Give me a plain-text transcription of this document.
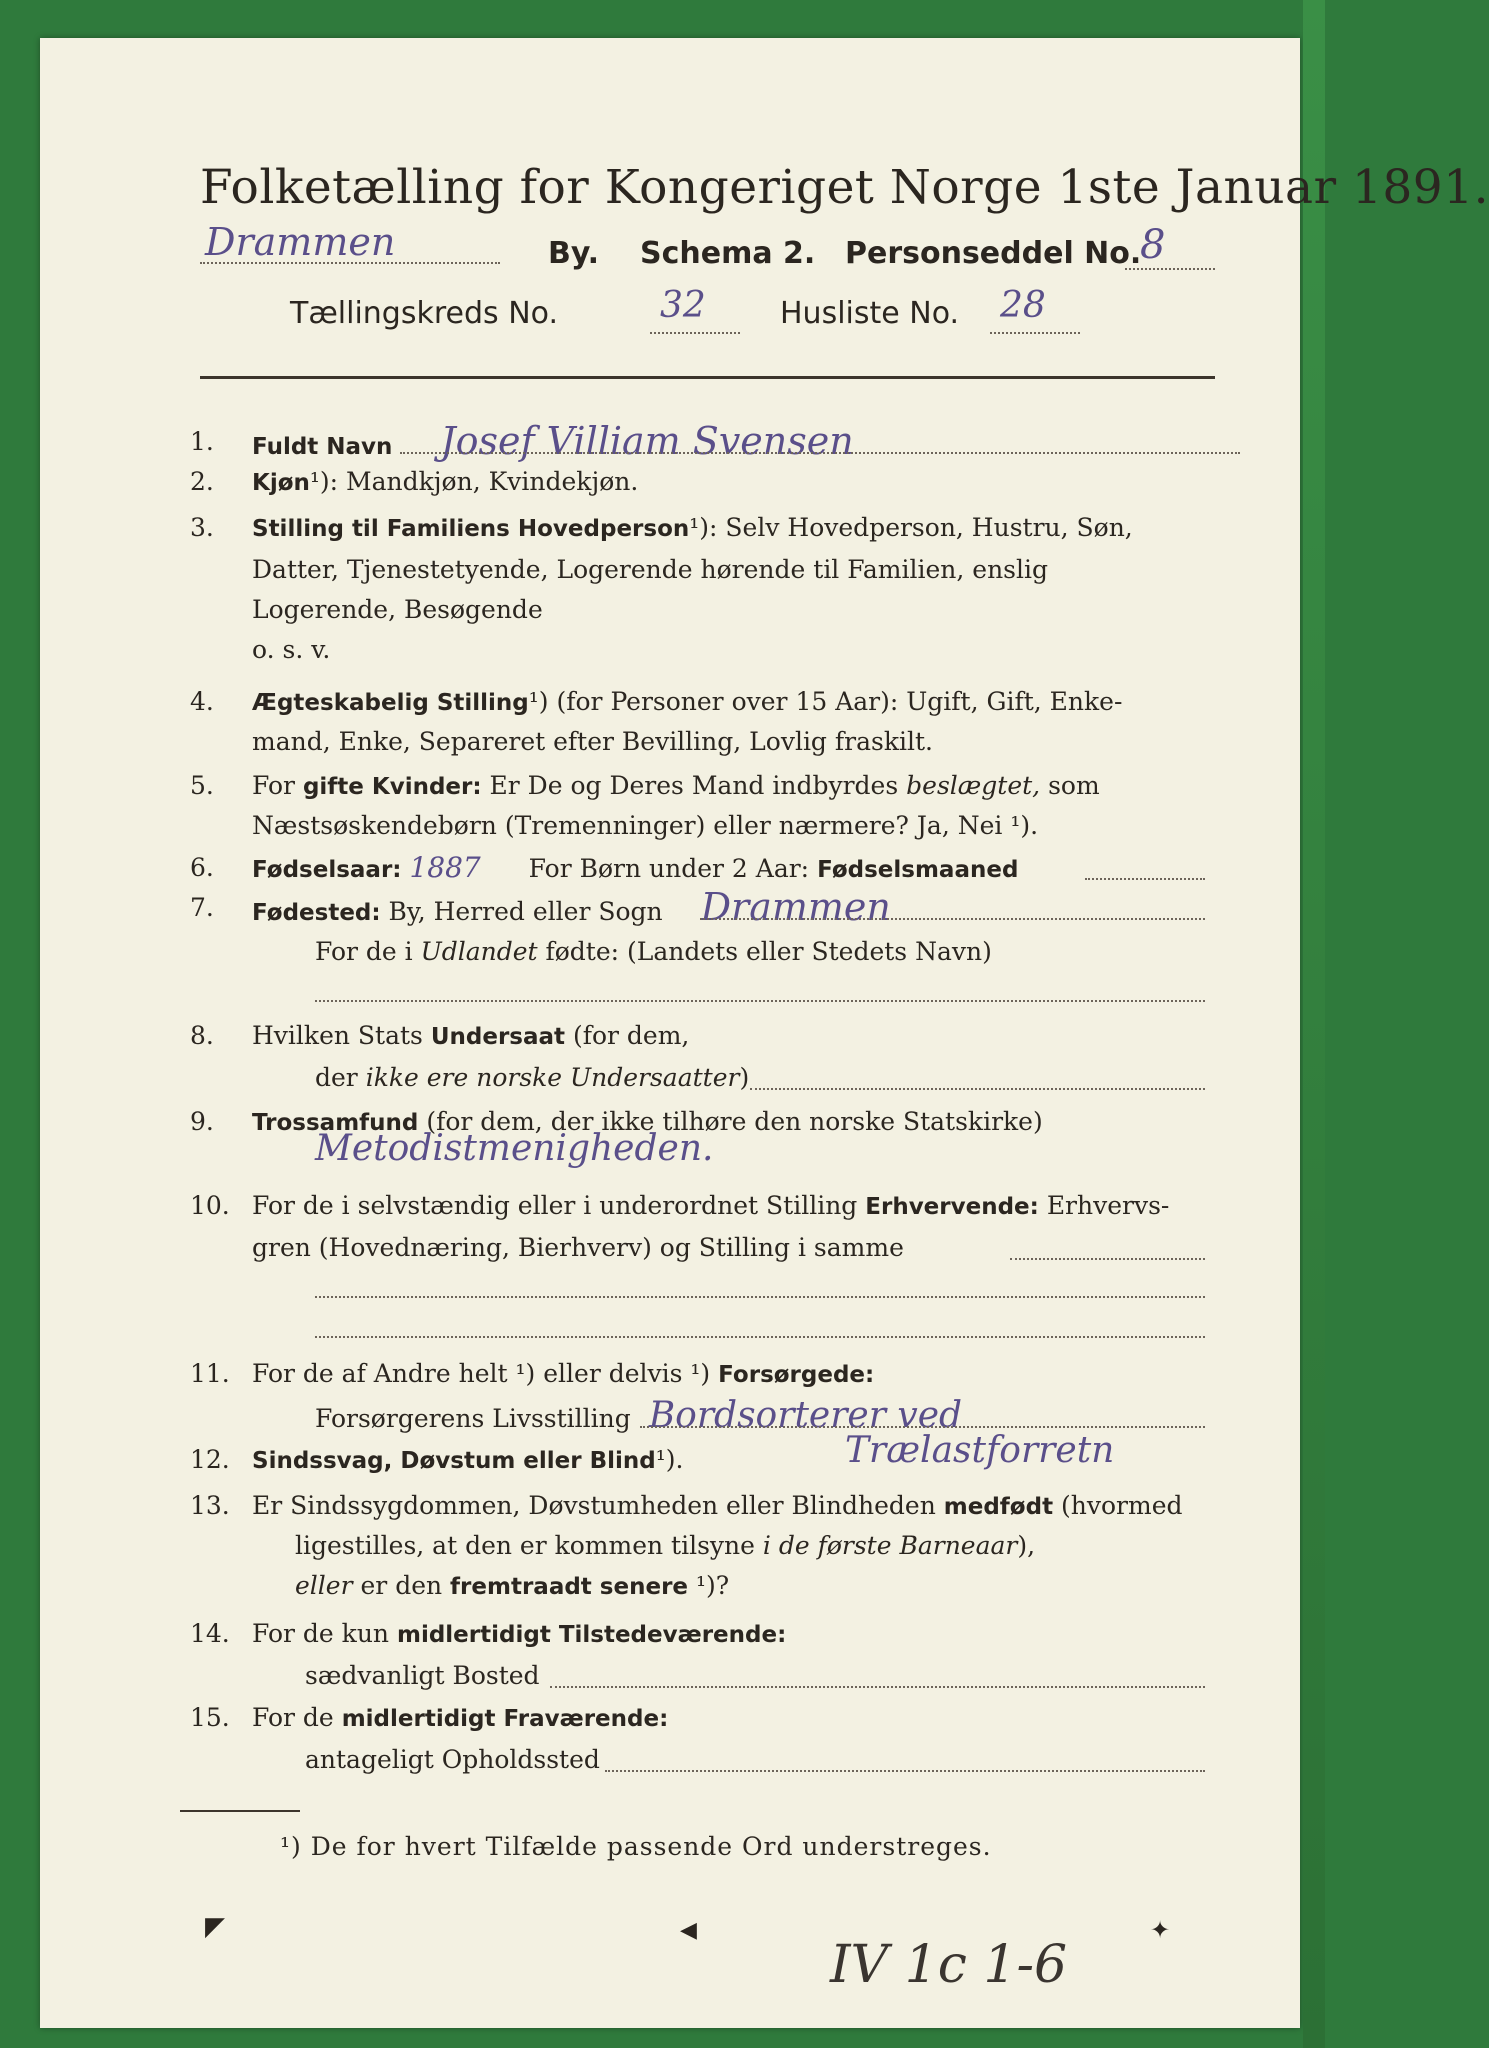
Folketælling for Kongeriget Norge 1ste Januar 1891.
Drammen	By. Schema 2. Personseddel No.
8
Tællingskreds No.	32 Husliste No. 28
1.	Fuldt Navn Josef Villiam Svensen
2.	Kjøn¹): Mandkjøn, Kvindekjøn.
3.	Stilling til Familiens Hovedperson¹): Selv Hovedperson, Hustru, Søn,
Datter, Tjenestetyende, Logerende hørende til Familien, enslig
Logerende, Besøgende
o. s. v.
4.	Ægteskabelig Stilling¹) (for Personer over 15 Aar): Ugift, Gift, Enke-
mand, Enke, Separeret efter Bevilling, Lovlig fraskilt.
5.	For gifte Kvinder: Er De og Deres Mand indbyrdes beslægtet, som
Næstsøskendebørn (Tremenninger) eller nærmere? Ja, Nei ¹).
6.	Fødselsaar: 1887 For Børn under 2 Aar: Fødselsmaaned
7.	Fødested: By, Herred eller Sogn Drammen
For de i Udlandet fødte: (Landets eller Stedets Navn)
8.	Hvilken Stats Undersaat (for dem,
der ikke ere norske Undersaatter)
9.	Trossamfund (for dem, der ikke tilhøre den norske Statskirke)
Metodistmenigheden.
10. For de i selvstændig eller i underordnet Stilling Erhvervende: Erhvervs-
gren (Hovednæring, Bierhverv) og Stilling i samme
11. For de af Andre helt ¹) eller delvis ¹) Forsørgede:
Forsørgerens Livsstilling Bordsorterer ved
Trælastforretn
12. Sindssvag, Døvstum eller Blind¹).
13. Er Sindssygdommen, Døvstumheden eller Blindheden medfødt (hvormed
ligestilles, at den er kommen tilsyne i de første Barneaar),
eller er den fremtraadt senere ¹)?
14. For de kun midlertidigt Tilstedeværende:
sædvanligt Bosted
15. For de midlertidigt Fraværende:
antageligt Opholdssted
¹) De for hvert Tilfælde passende Ord understreges.
◤	◀	✦
IV 1c 1-6
